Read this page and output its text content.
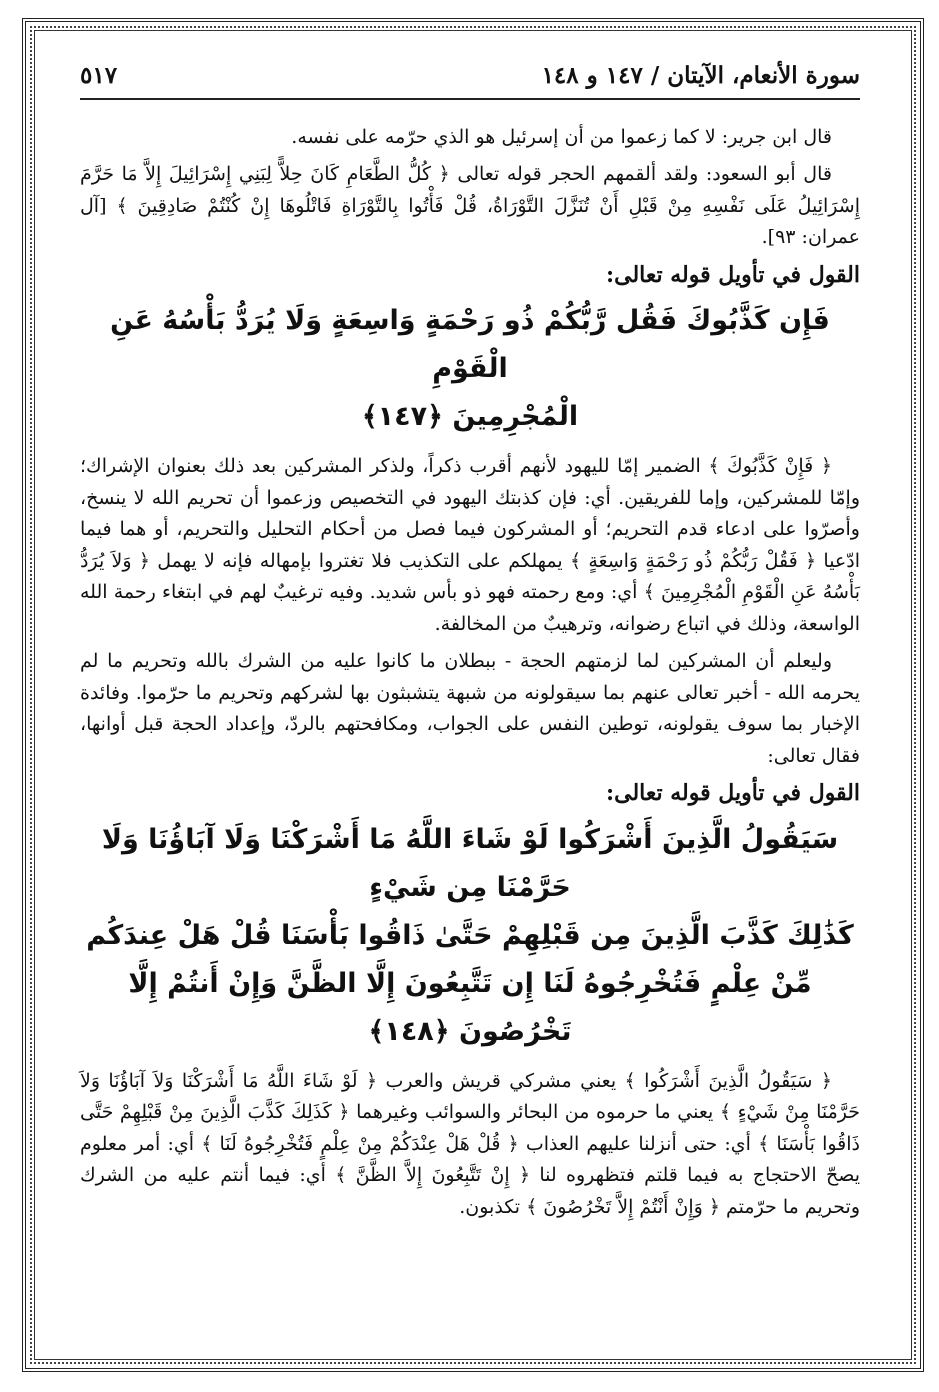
سورة الأنعام، الآيتان / ١٤٧ و ١٤٨
٥١٧

قال ابن جرير: لا كما زعموا من أن إسرئيل هو الذي حرّمه على نفسه.

قال أبو السعود: ولقد ألقمهم الحجر قوله تعالى ﴿ كُلُّ الطَّعَامِ كَانَ حِلاًّ لِبَنِي إِسْرَائِيلَ إِلاَّ مَا حَرَّمَ إِسْرَائِيلُ عَلَى نَفْسِهِ مِنْ قَبْلِ أَنْ تُنَزَّلَ التَّوْرَاةُ، قُلْ فَأْتُوا بِالتَّوْرَاةِ فَاتْلُوهَا إِنْ كُنْتُمْ صَادِقِينَ ﴾ [آل عمران: ٩٣].

القول في تأويل قوله تعالى:
فَإِن كَذَّبُوكَ فَقُل رَّبُّكُمْ ذُو رَحْمَةٍ وَاسِعَةٍ وَلَا يُرَدُّ بَأْسُهُ عَنِ الْقَوْمِ
الْمُجْرِمِينَ ﴿١٤٧﴾

﴿ فَإِنْ كَذَّبُوكَ ﴾ الضمير إمّا لليهود لأنهم أقرب ذكراً، ولذكر المشركين بعد ذلك بعنوان الإشراك؛ وإمّا للمشركين، وإما للفريقين. أي: فإن كذبتك اليهود في التخصيص وزعموا أن تحريم الله لا ينسخ، وأصرّوا على ادعاء قدم التحريم؛ أو المشركون فيما فصل من أحكام التحليل والتحريم، أو هما فيما ادّعيا ﴿ فَقُلْ رَبُّكُمْ ذُو رَحْمَةٍ وَاسِعَةٍ ﴾ يمهلكم على التكذيب فلا تغتروا بإمهاله فإنه لا يهمل ﴿ وَلاَ يُرَدُّ بَأْسُهُ عَنِ الْقَوْمِ الْمُجْرِمِينَ ﴾ أي: ومع رحمته فهو ذو بأس شديد. وفيه ترغيبٌ لهم في ابتغاء رحمة الله الواسعة، وذلك في اتباع رضوانه، وترهيبٌ من المخالفة.

وليعلم أن المشركين لما لزمتهم الحجة - ببطلان ما كانوا عليه من الشرك بالله وتحريم ما لم يحرمه الله - أخبر تعالى عنهم بما سيقولونه من شبهة يتشبثون بها لشركهم وتحريم ما حرّموا. وفائدة الإخبار بما سوف يقولونه، توطين النفس على الجواب، ومكافحتهم بالردّ، وإعداد الحجة قبل أوانها، فقال تعالى:

القول في تأويل قوله تعالى:
سَيَقُولُ الَّذِينَ أَشْرَكُوا لَوْ شَاءَ اللَّهُ مَا أَشْرَكْنَا وَلَا آبَاؤُنَا وَلَا حَرَّمْنَا مِن شَيْءٍ
كَذَٰلِكَ كَذَّبَ الَّذِينَ مِن قَبْلِهِمْ حَتَّىٰ ذَاقُوا بَأْسَنَا قُلْ هَلْ عِندَكُم
مِّنْ عِلْمٍ فَتُخْرِجُوهُ لَنَا إِن تَتَّبِعُونَ إِلَّا الظَّنَّ وَإِنْ أَنتُمْ إِلَّا تَخْرُصُونَ ﴿١٤٨﴾

﴿ سَيَقُولُ الَّذِينَ أَشْرَكُوا ﴾ يعني مشركي قريش والعرب ﴿ لَوْ شَاءَ اللَّهُ مَا أَشْرَكْنَا وَلاَ آبَاؤُنَا وَلاَ حَرَّمْنَا مِنْ شَيْءٍ ﴾ يعني ما حرموه من البحائر والسوائب وغيرهما ﴿ كَذَلِكَ كَذَّبَ الَّذِينَ مِنْ قَبْلِهِمْ حَتَّى ذَاقُوا بَأْسَنَا ﴾ أي: حتى أنزلنا عليهم العذاب ﴿ قُلْ هَلْ عِنْدَكُمْ مِنْ عِلْمٍ فَتُخْرِجُوهُ لَنَا ﴾ أي: أمر معلوم يصحّ الاحتجاج به فيما قلتم فتظهروه لنا ﴿ إِنْ تَتَّبِعُونَ إِلاَّ الظَّنَّ ﴾ أي: فيما أنتم عليه من الشرك وتحريم ما حرّمتم ﴿ وَإِنْ أَنْتُمْ إِلاَّ تَخْرُصُونَ ﴾ تكذبون.
